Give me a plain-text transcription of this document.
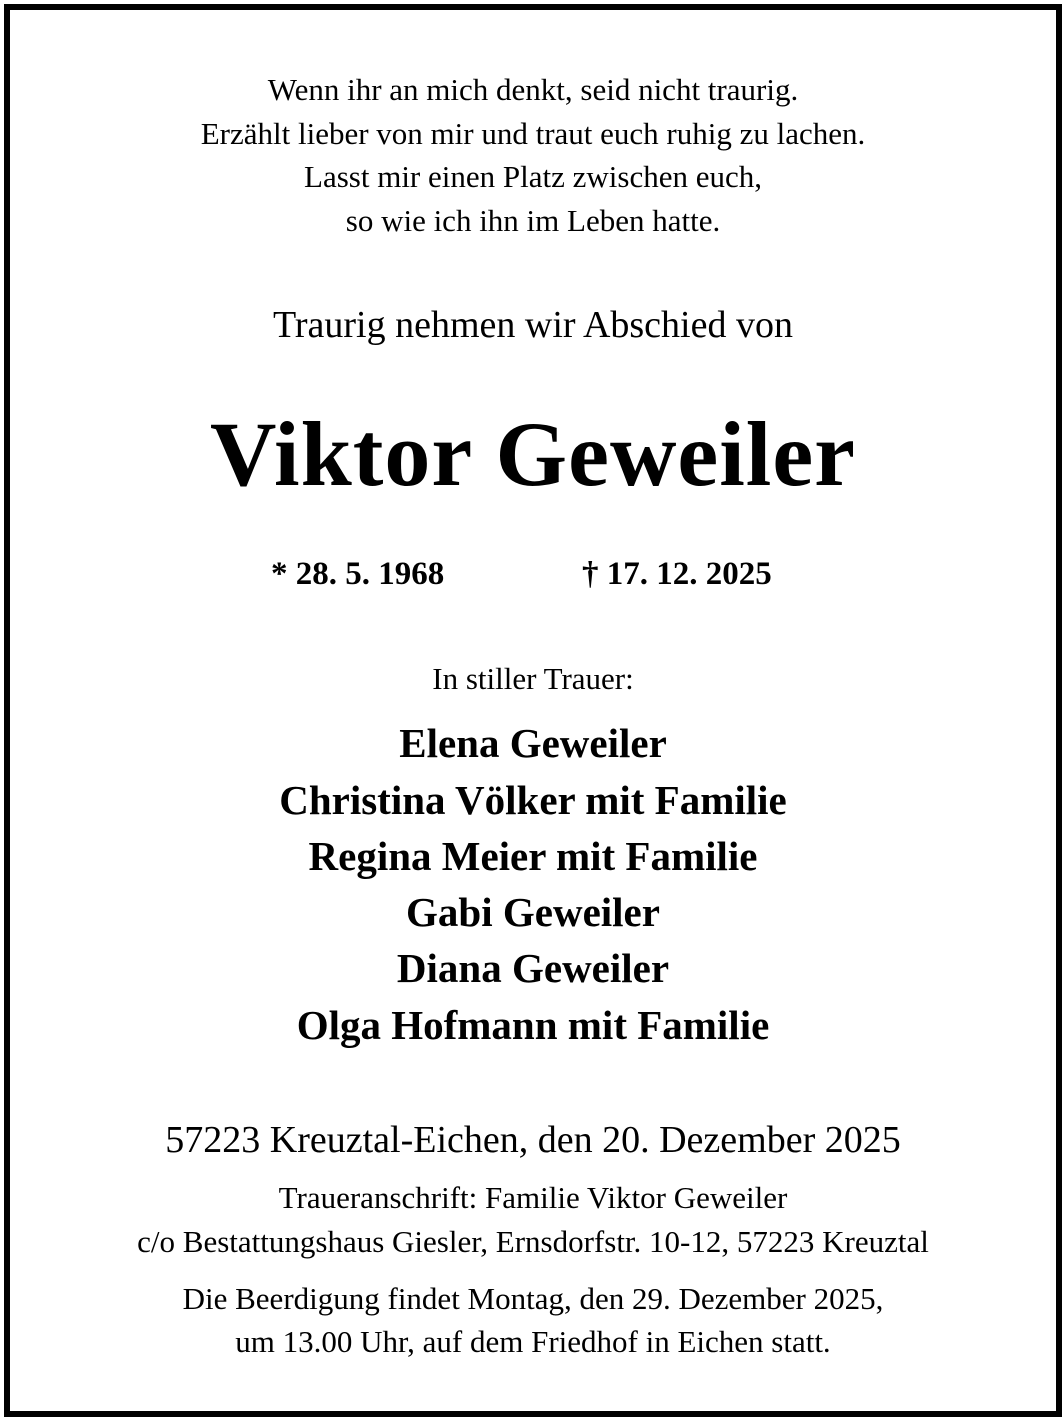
Wenn ihr an mich denkt, seid nicht traurig.
Erzählt lieber von mir und traut euch ruhig zu lachen.
Lasst mir einen Platz zwischen euch,
so wie ich ihn im Leben hatte.
Traurig nehmen wir Abschied von
Viktor Geweiler
* 28. 5. 1968	† 17. 12. 2025
In stiller Trauer:
Elena Geweiler
Christina Völker mit Familie
Regina Meier mit Familie
Gabi Geweiler
Diana Geweiler
Olga Hofmann mit Familie
57223 Kreuztal-Eichen, den 20. Dezember 2025
Traueranschrift: Familie Viktor Geweiler
c/o Bestattungshaus Giesler, Ernsdorfstr. 10-12, 57223 Kreuztal
Die Beerdigung findet Montag, den 29. Dezember 2025,
um 13.00 Uhr, auf dem Friedhof in Eichen statt.
